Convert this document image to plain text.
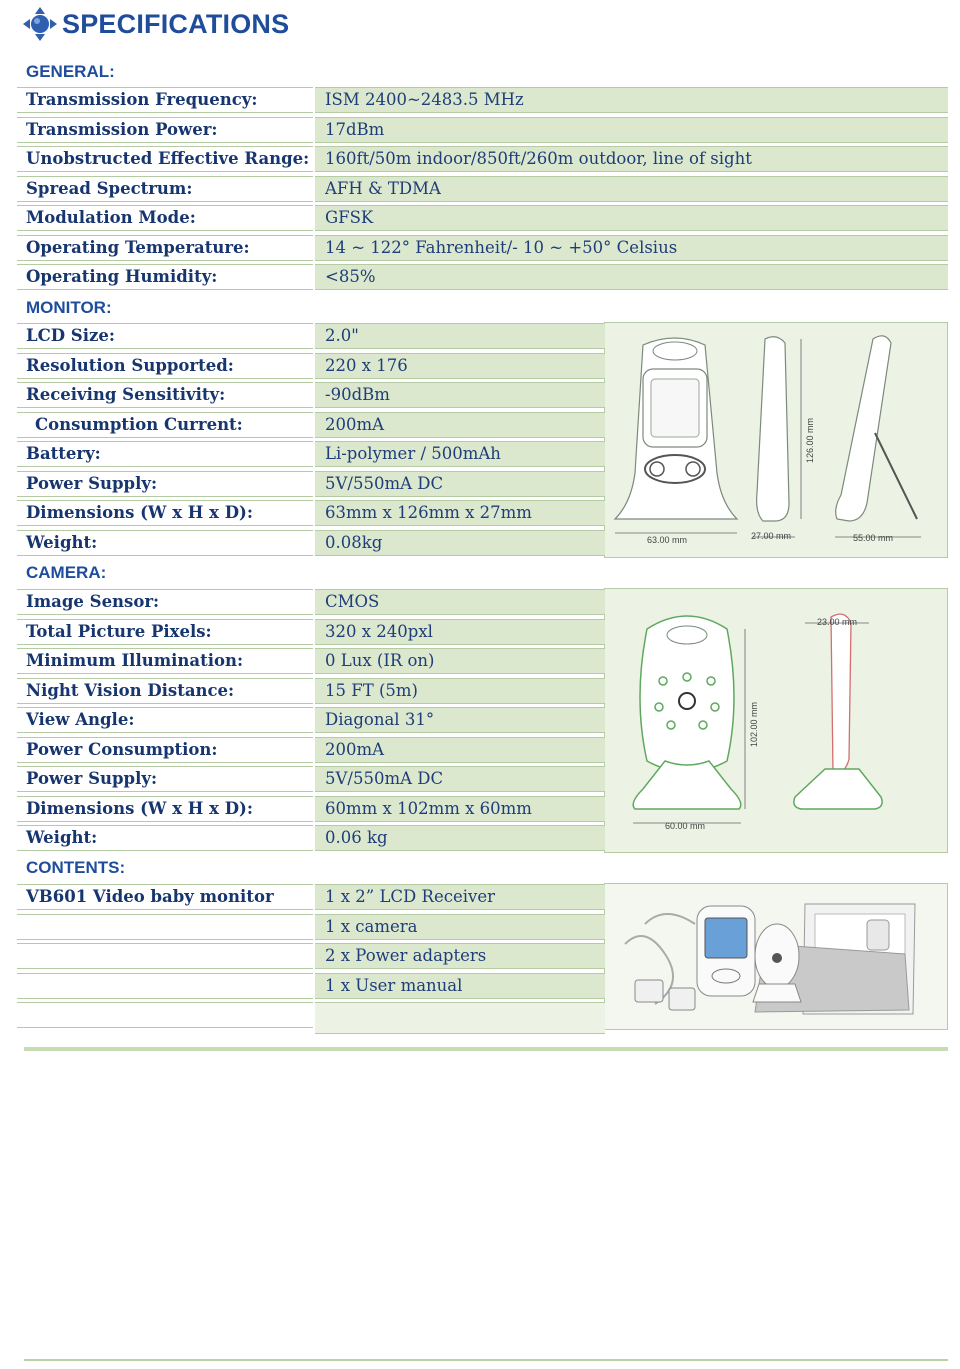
SPECIFICATIONS
GENERAL:
MONITOR:
CAMERA:
CONTENTS:
63.00 mm
126.00 mm
27.00 mm	55.00 mm
60.00 mm
102.00 mm
23.00 mm
Transmission Frequency:	ISM 2400~2483.5 MHz
Transmission Power:	17dBm
Unobstructed Effective Range: 160ft/50m indoor/850ft/260m outdoor, line of sight
Spread Spectrum:	AFH & TDMA
Modulation Mode:	GFSK
Operating Temperature:	14 ~ 122° Fahrenheit/- 10 ~ +50° Celsius
Operating Humidity:	<85%
LCD Size:	2.0"
Resolution Supported:	220 x 176
Receiving Sensitivity:	-90dBm
Consumption Current:	200mA
Battery:	Li-polymer / 500mAh
Power Supply:	5V/550mA DC
Dimensions (W x H x D):	63mm x 126mm x 27mm
Weight:	0.08kg
Image Sensor:	CMOS
Total Picture Pixels:	320 x 240pxl
Minimum Illumination:	0 Lux (IR on)
Night Vision Distance:	15 FT (5m)
View Angle:	Diagonal 31°
Power Consumption:	200mA
Power Supply:	5V/550mA DC
Dimensions (W x H x D):	60mm x 102mm x 60mm
Weight:	0.06 kg
VB601 Video baby monitor	1 x 2” LCD Receiver
1 x camera
2 x Power adapters
1 x User manual
